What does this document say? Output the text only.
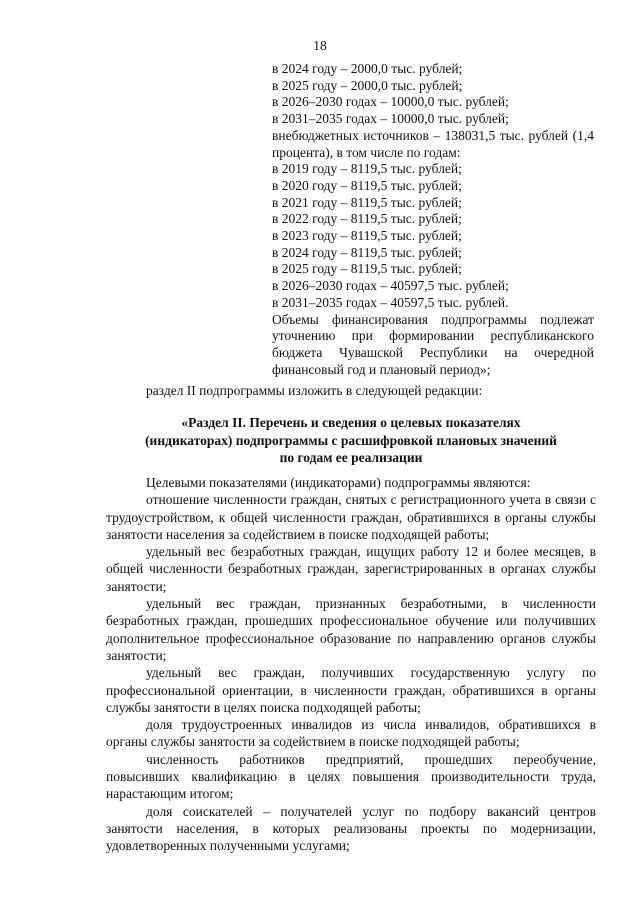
18
в 2024 году – 2000,0 тыс. рублей;
в 2025 году – 2000,0 тыс. рублей;
в 2026–2030 годах – 10000,0 тыс. рублей;
в 2031–2035 годах – 10000,0 тыс. рублей;
внебюджетных источников – 138031,5 тыс. рублей (1,4 процента), в том числе по годам:
в 2019 году – 8119,5 тыс. рублей;
в 2020 году – 8119,5 тыс. рублей;
в 2021 году – 8119,5 тыс. рублей;
в 2022 году – 8119,5 тыс. рублей;
в 2023 году – 8119,5 тыс. рублей;
в 2024 году – 8119,5 тыс. рублей;
в 2025 году – 8119,5 тыс. рублей;
в 2026–2030 годах – 40597,5 тыс. рублей;
в 2031–2035 годах – 40597,5 тыс. рублей.
Объемы финансирования подпрограммы подлежат уточнению при формировании республиканского бюджета Чувашской Республики на очередной финансовый год и плановый период»;
раздел II подпрограммы изложить в следующей редакции:
«Раздел II. Перечень и сведения о целевых показателях
(индикаторах) подпрограммы с расшифровкой плановых значений
по годам ее реализации

Целевыми показателями (индикаторами) подпрограммы являются:

отношение численности граждан, снятых с регистрационного учета в связи с трудоустройством, к общей численности граждан, обратившихся в органы службы занятости населения за содействием в поиске подходящей работы;

удельный вес безработных граждан, ищущих работу 12 и более месяцев, в общей численности безработных граждан, зарегистрированных в органах службы занятости;

удельный вес граждан, признанных безработными, в численности безработных граждан, прошедших профессиональное обучение или получивших дополнительное профессиональное образование по направлению органов службы занятости;

удельный вес граждан, получивших государственную услугу по профессиональной ориентации, в численности граждан, обратившихся в органы службы занятости в целях поиска подходящей работы;

доля трудоустроенных инвалидов из числа инвалидов, обратившихся в органы службы занятости за содействием в поиске подходящей работы;

численность работников предприятий, прошедших переобучение, повысивших квалификацию в целях повышения производительности труда, нарастающим итогом;

доля соискателей – получателей услуг по подбору вакансий центров занятости населения, в которых реализованы проекты по модернизации, удовлетворенных полученными услугами;
